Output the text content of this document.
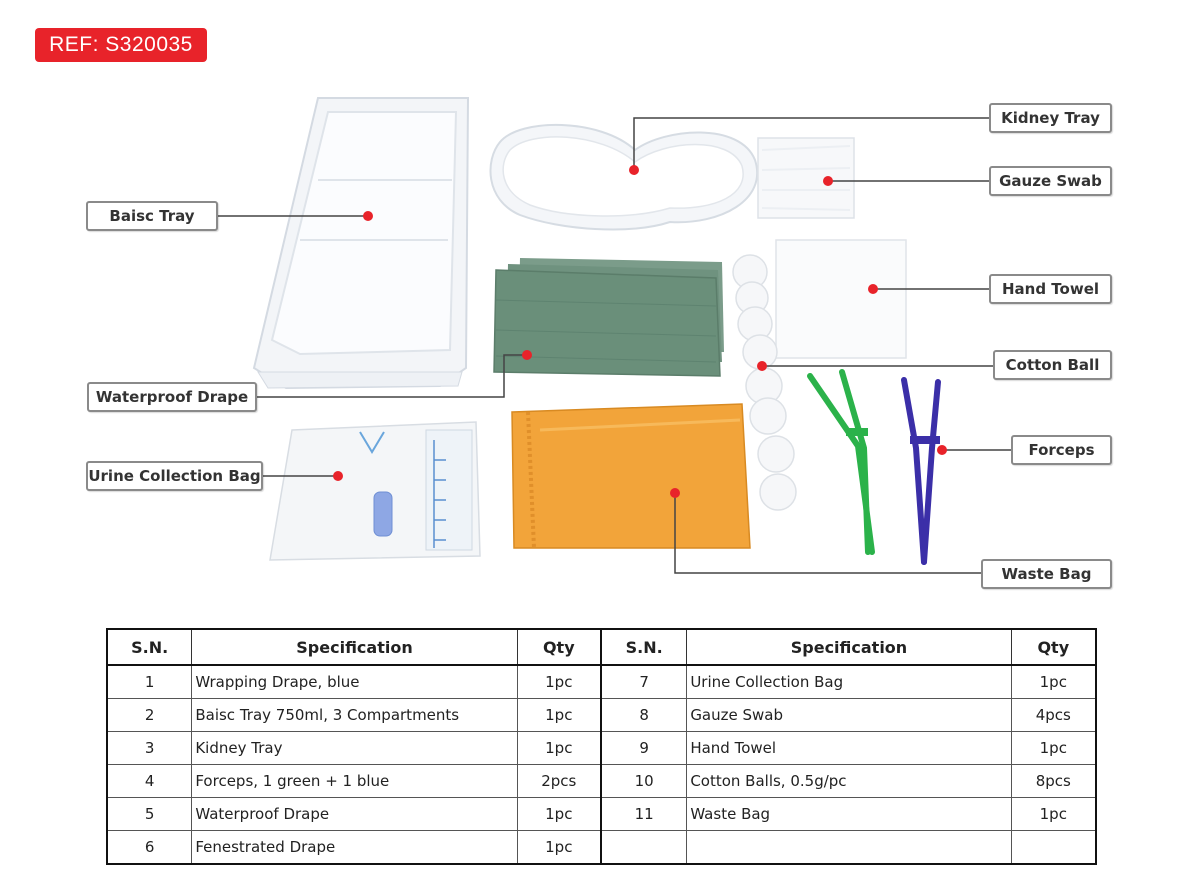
REF: S320035
Baisc Tray
Kidney Tray
Gauze Swab
Hand Towel
Cotton Ball
Forceps
Waste Bag
Waterproof Drape
Urine Collection Bag
S.N.	Specification	Qty	S.N.	Specification	Qty
1	Wrapping Drape, blue	1pc	7	Urine Collection Bag	1pc
2	Baisc Tray 750ml, 3 Compartments	1pc	8	Gauze Swab	4pcs
3	Kidney Tray	1pc	9	Hand Towel	1pc
4	Forceps, 1 green + 1 blue	2pcs	10	Cotton Balls, 0.5g/pc	8pcs
5	Waterproof Drape	1pc	11	Waste Bag	1pc
6	Fenestrated Drape	1pc			
